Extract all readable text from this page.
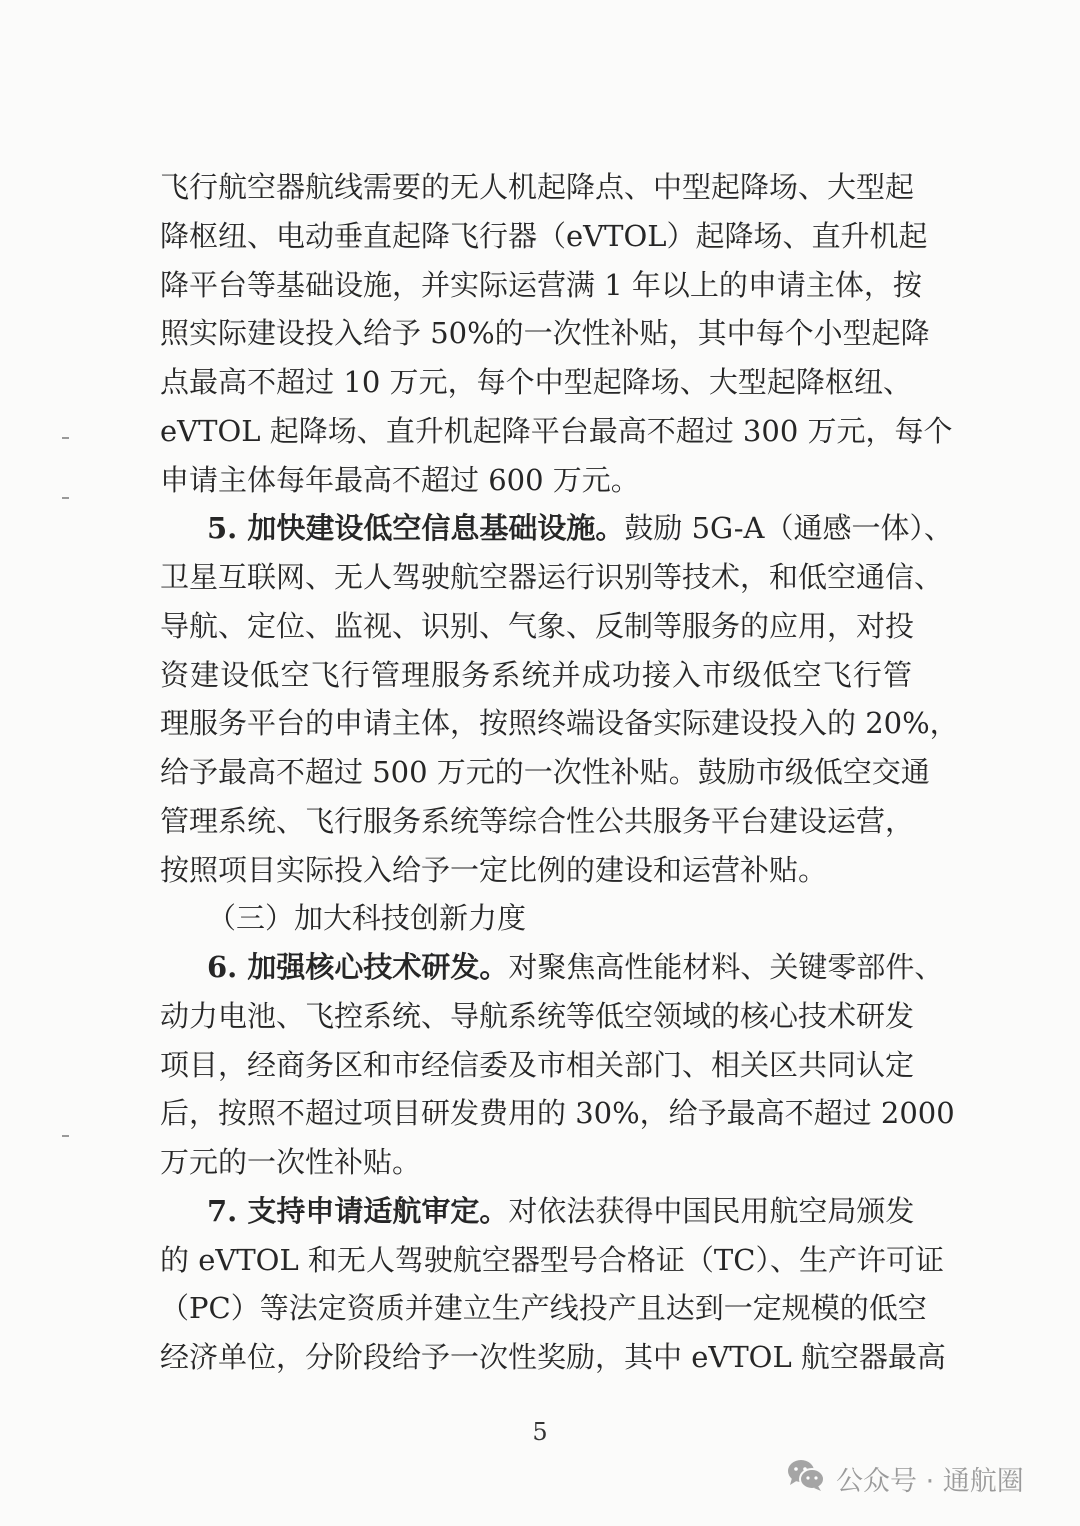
飞行航空器航线需要的无人机起降点、中型起降场、大型起
降枢纽、电动垂直起降飞行器（eVTOL）起降场、直升机起
降平台等基础设施，并实际运营满 1 年以上的申请主体，按
照实际建设投入给予 50%的一次性补贴，其中每个小型起降
点最高不超过 10 万元，每个中型起降场、大型起降枢纽、
eVTOL 起降场、直升机起降平台最高不超过 300 万元，每个
申请主体每年最高不超过 600 万元。
5. 加快建设低空信息基础设施。鼓励 5G-A（通感一体）、
卫星互联网、无人驾驶航空器运行识别等技术，和低空通信、
导航、定位、监视、识别、气象、反制等服务的应用，对投
资建设低空飞行管理服务系统并成功接入市级低空飞行管
理服务平台的申请主体，按照终端设备实际建设投入的 20%，
给予最高不超过 500 万元的一次性补贴。鼓励市级低空交通
管理系统、飞行服务系统等综合性公共服务平台建设运营，
按照项目实际投入给予一定比例的建设和运营补贴。
（三）加大科技创新力度
6. 加强核心技术研发。对聚焦高性能材料、关键零部件、
动力电池、飞控系统、导航系统等低空领域的核心技术研发
项目，经商务区和市经信委及市相关部门、相关区共同认定
后，按照不超过项目研发费用的 30%，给予最高不超过 2000
万元的一次性补贴。
7. 支持申请适航审定。对依法获得中国民用航空局颁发
的 eVTOL 和无人驾驶航空器型号合格证（TC）、生产许可证
（PC）等法定资质并建立生产线投产且达到一定规模的低空
经济单位，分阶段给予一次性奖励，其中 eVTOL 航空器最高
5
公众号 · 通航圈
